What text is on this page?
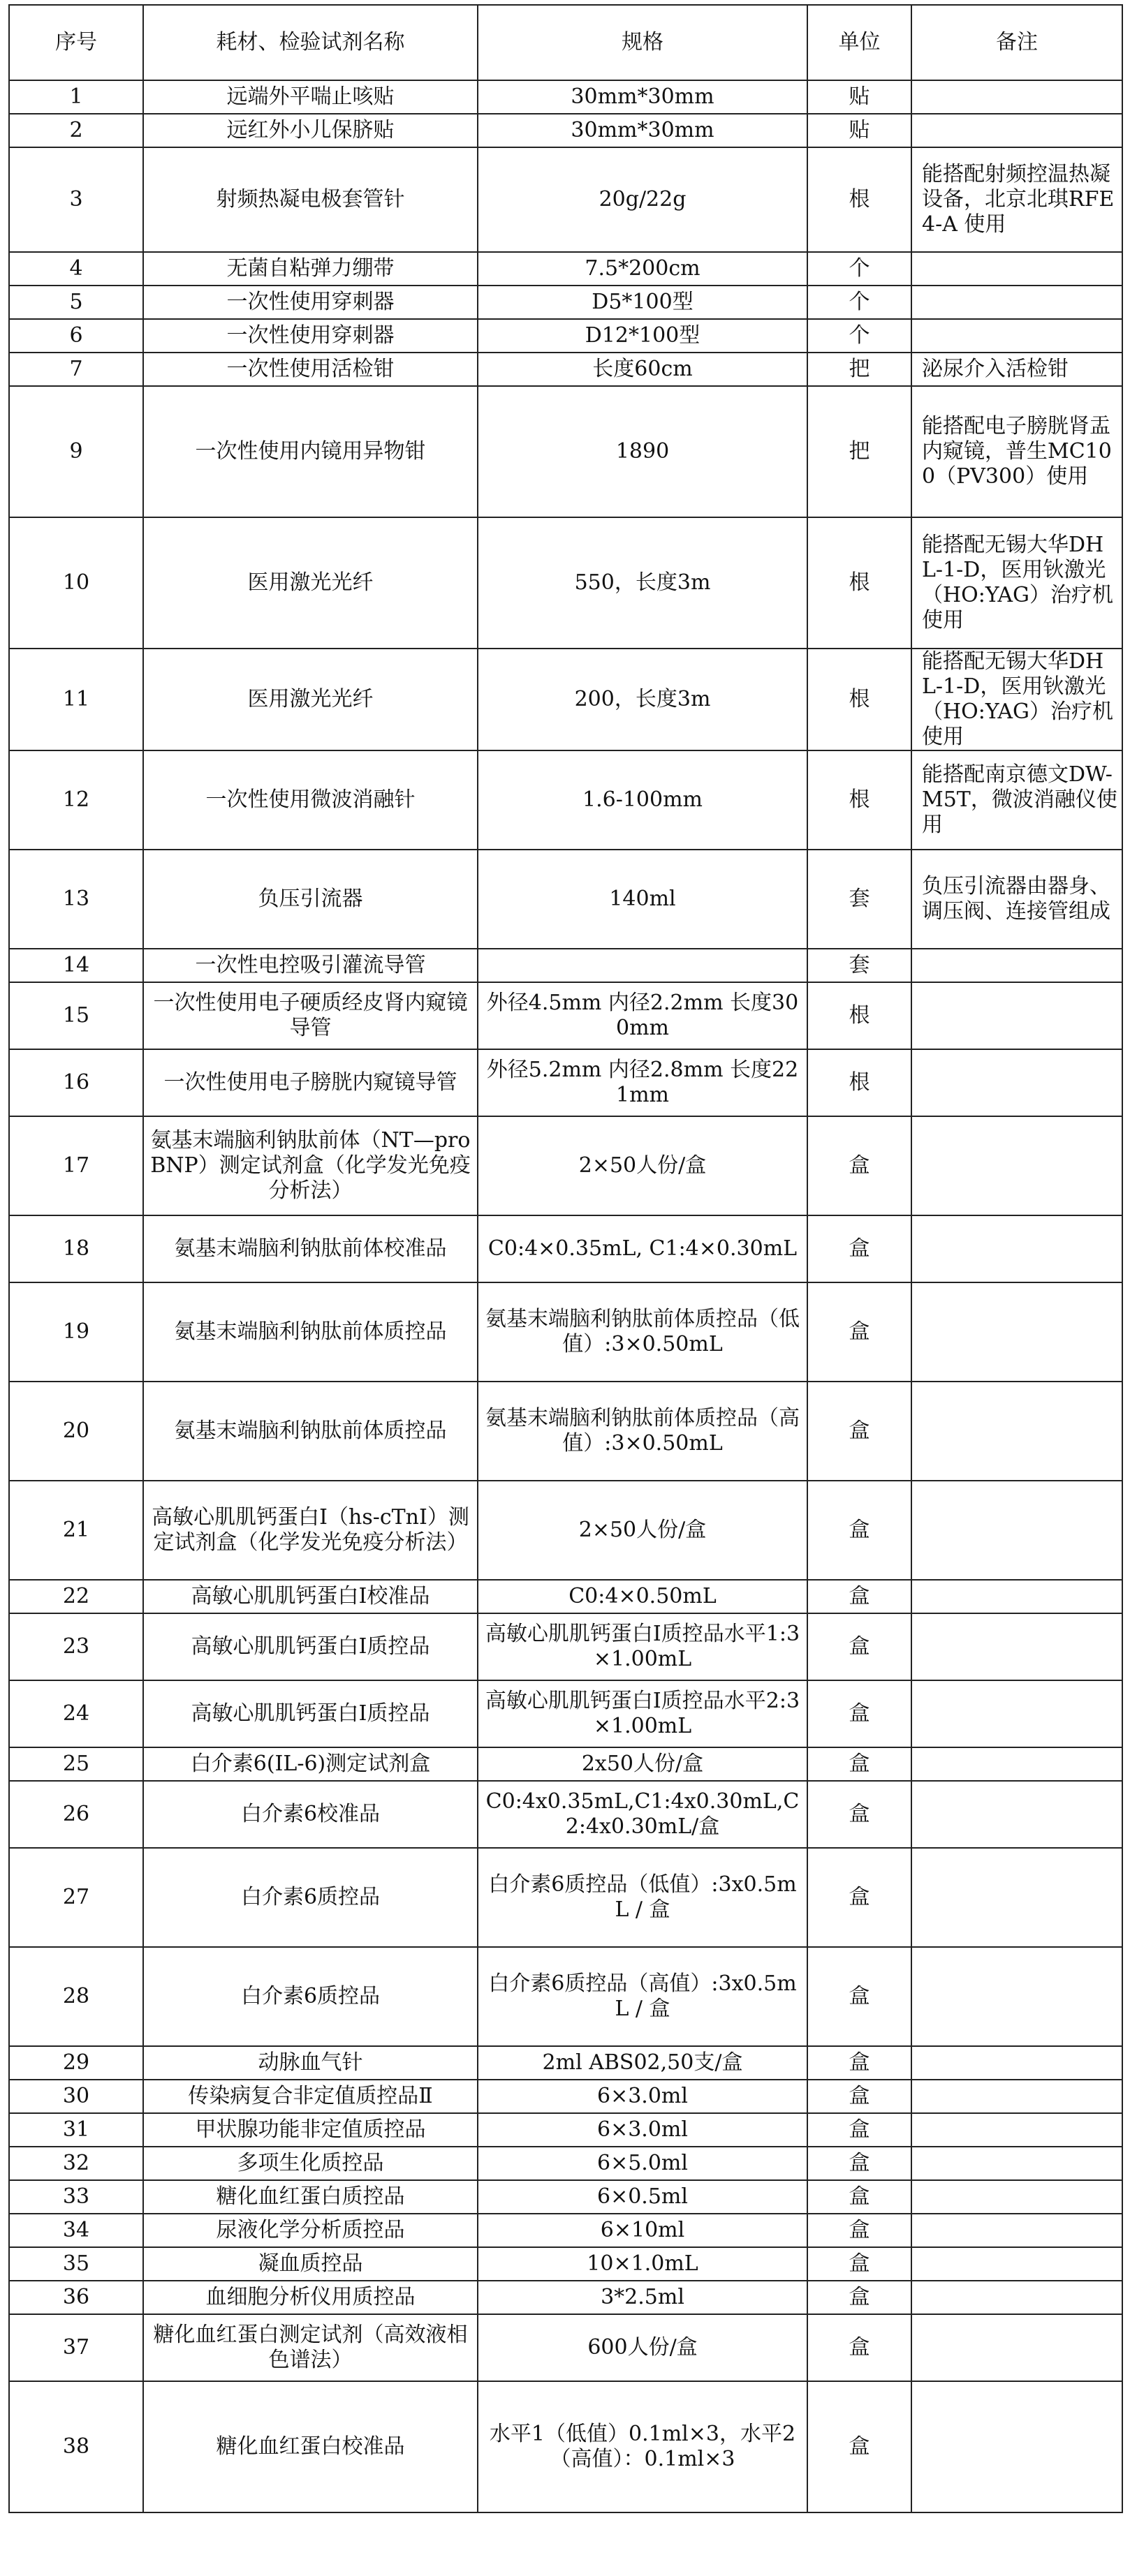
序号	耗材、检验试剂名称	规格	单位	备注
1	远端外平喘止咳贴	30mm*30mm	贴	
2	远红外小儿保脐贴	30mm*30mm	贴	
3	射频热凝电极套管针	20g/22g	根	能搭配射频控温热凝设备，北京北琪RFE4-A 使用
4	无菌自粘弹力绷带	7.5*200cm	个	
5	一次性使用穿刺器	D5*100型	个	
6	一次性使用穿刺器	D12*100型	个	
7	一次性使用活检钳	长度60cm	把	泌尿介入活检钳
9	一次性使用内镜用异物钳	1890	把	能搭配电子膀胱肾盂内窥镜，普生MC100（PV300）使用
10	医用激光光纤	550，长度3m	根	能搭配无锡大华DHL-1-D，医用钬激光（HO:YAG）治疗机使用
11	医用激光光纤	200，长度3m	根	能搭配无锡大华DHL-1-D，医用钬激光（HO:YAG）治疗机使用
12	一次性使用微波消融针	1.6-100mm	根	能搭配南京德文DW-M5T，微波消融仪使用
13	负压引流器	140ml	套	负压引流器由器身、调压阀、连接管组成
14	一次性电控吸引灌流导管		套	
15	一次性使用电子硬质经皮肾内窥镜导管	外径4.5mm 内径2.2mm 长度300mm	根	
16	一次性使用电子膀胱内窥镜导管	外径5.2mm 内径2.8mm 长度221mm	根	
17	氨基末端脑利钠肽前体（NT—proBNP）测定试剂盒（化学发光免疫分析法）	2×50人份/盒	盒	
18	氨基末端脑利钠肽前体校准品	C0:4×0.35mL, C1:4×0.30mL	盒	
19	氨基末端脑利钠肽前体质控品	氨基末端脑利钠肽前体质控品（低值）:3×0.50mL	盒	
20	氨基末端脑利钠肽前体质控品	氨基末端脑利钠肽前体质控品（高值）:3×0.50mL	盒	
21	高敏心肌肌钙蛋白I（hs-cTnI）测定试剂盒（化学发光免疫分析法）	2×50人份/盒	盒	
22	高敏心肌肌钙蛋白I校准品	C0:4×0.50mL	盒	
23	高敏心肌肌钙蛋白I质控品	高敏心肌肌钙蛋白I质控品水平1:3×1.00mL	盒	
24	高敏心肌肌钙蛋白I质控品	高敏心肌肌钙蛋白I质控品水平2:3×1.00mL	盒	
25	白介素6(IL-6)测定试剂盒	2x50人份/盒	盒	
26	白介素6校准品	C0:4x0.35mL,C1:4x0.30mL,C2:4x0.30mL/盒	盒	
27	白介素6质控品	白介素6质控品（低值）:3x0.5mL / 盒	盒	
28	白介素6质控品	白介素6质控品（高值）:3x0.5mL / 盒	盒	
29	动脉血气针	2ml ABS02,50支/盒	盒	
30	传染病复合非定值质控品Ⅱ	6×3.0ml	盒	
31	甲状腺功能非定值质控品	6×3.0ml	盒	
32	多项生化质控品	6×5.0ml	盒	
33	糖化血红蛋白质控品	6×0.5ml	盒	
34	尿液化学分析质控品	6×10ml	盒	
35	凝血质控品	10×1.0mL	盒	
36	血细胞分析仪用质控品	3*2.5ml	盒	
37	糖化血红蛋白测定试剂（高效液相色谱法）	600人份/盒	盒	
38	糖化血红蛋白校准品	水平1（低值）0.1ml×3，水平2（高值）：0.1ml×3	盒	
